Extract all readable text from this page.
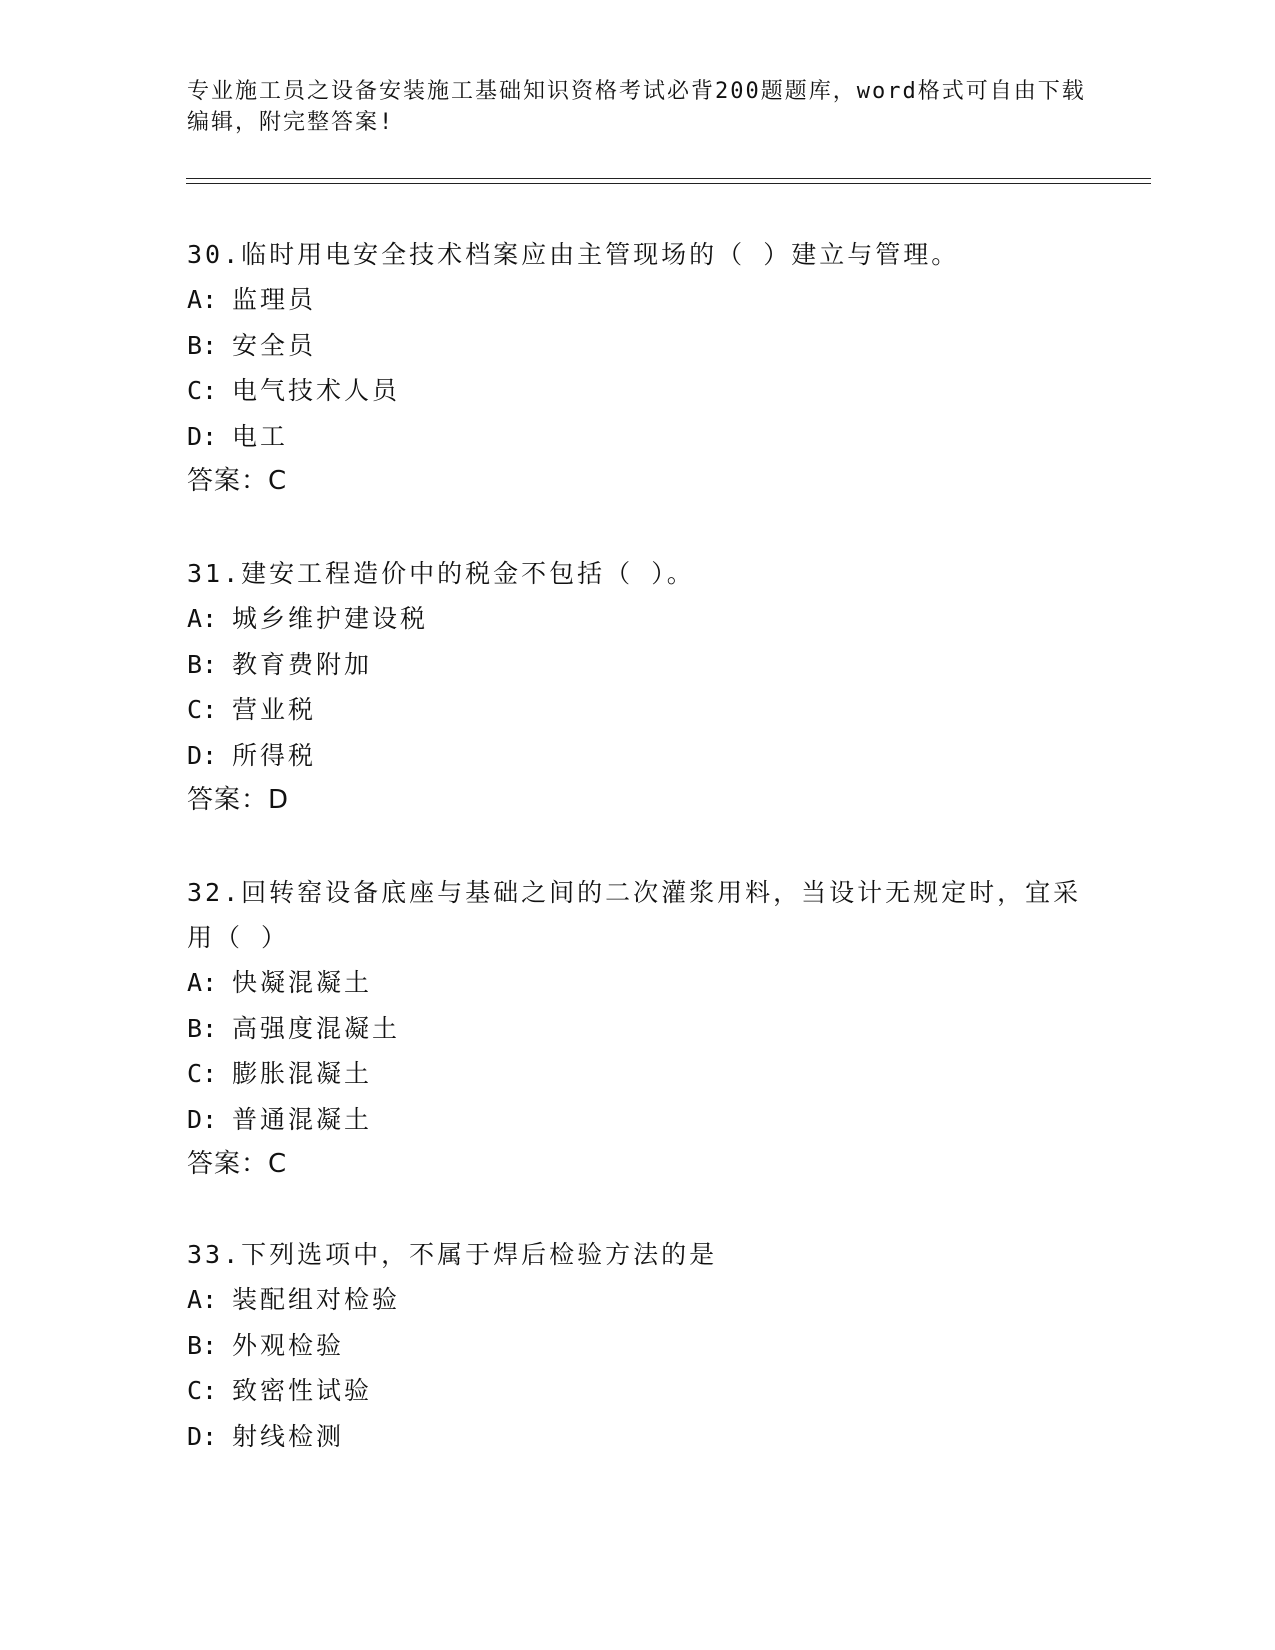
专业施工员之设备安装施工基础知识资格考试必背200题题库，word格式可自由下载编辑，附完整答案!

30.临时用电安全技术档案应由主管现场的（ ）建立与管理。

A: 监理员

B: 安全员

C: 电气技术人员

D: 电工

答案：C

31.建安工程造价中的税金不包括（ ）。

A: 城乡维护建设税

B: 教育费附加

C: 营业税

D: 所得税

答案：D

32.回转窑设备底座与基础之间的二次灌浆用料，当设计无规定时，宜采用（ ）

A: 快凝混凝土

B: 高强度混凝土

C: 膨胀混凝土

D: 普通混凝土

答案：C

33.下列选项中，不属于焊后检验方法的是

A: 装配组对检验

B: 外观检验

C: 致密性试验

D: 射线检测
